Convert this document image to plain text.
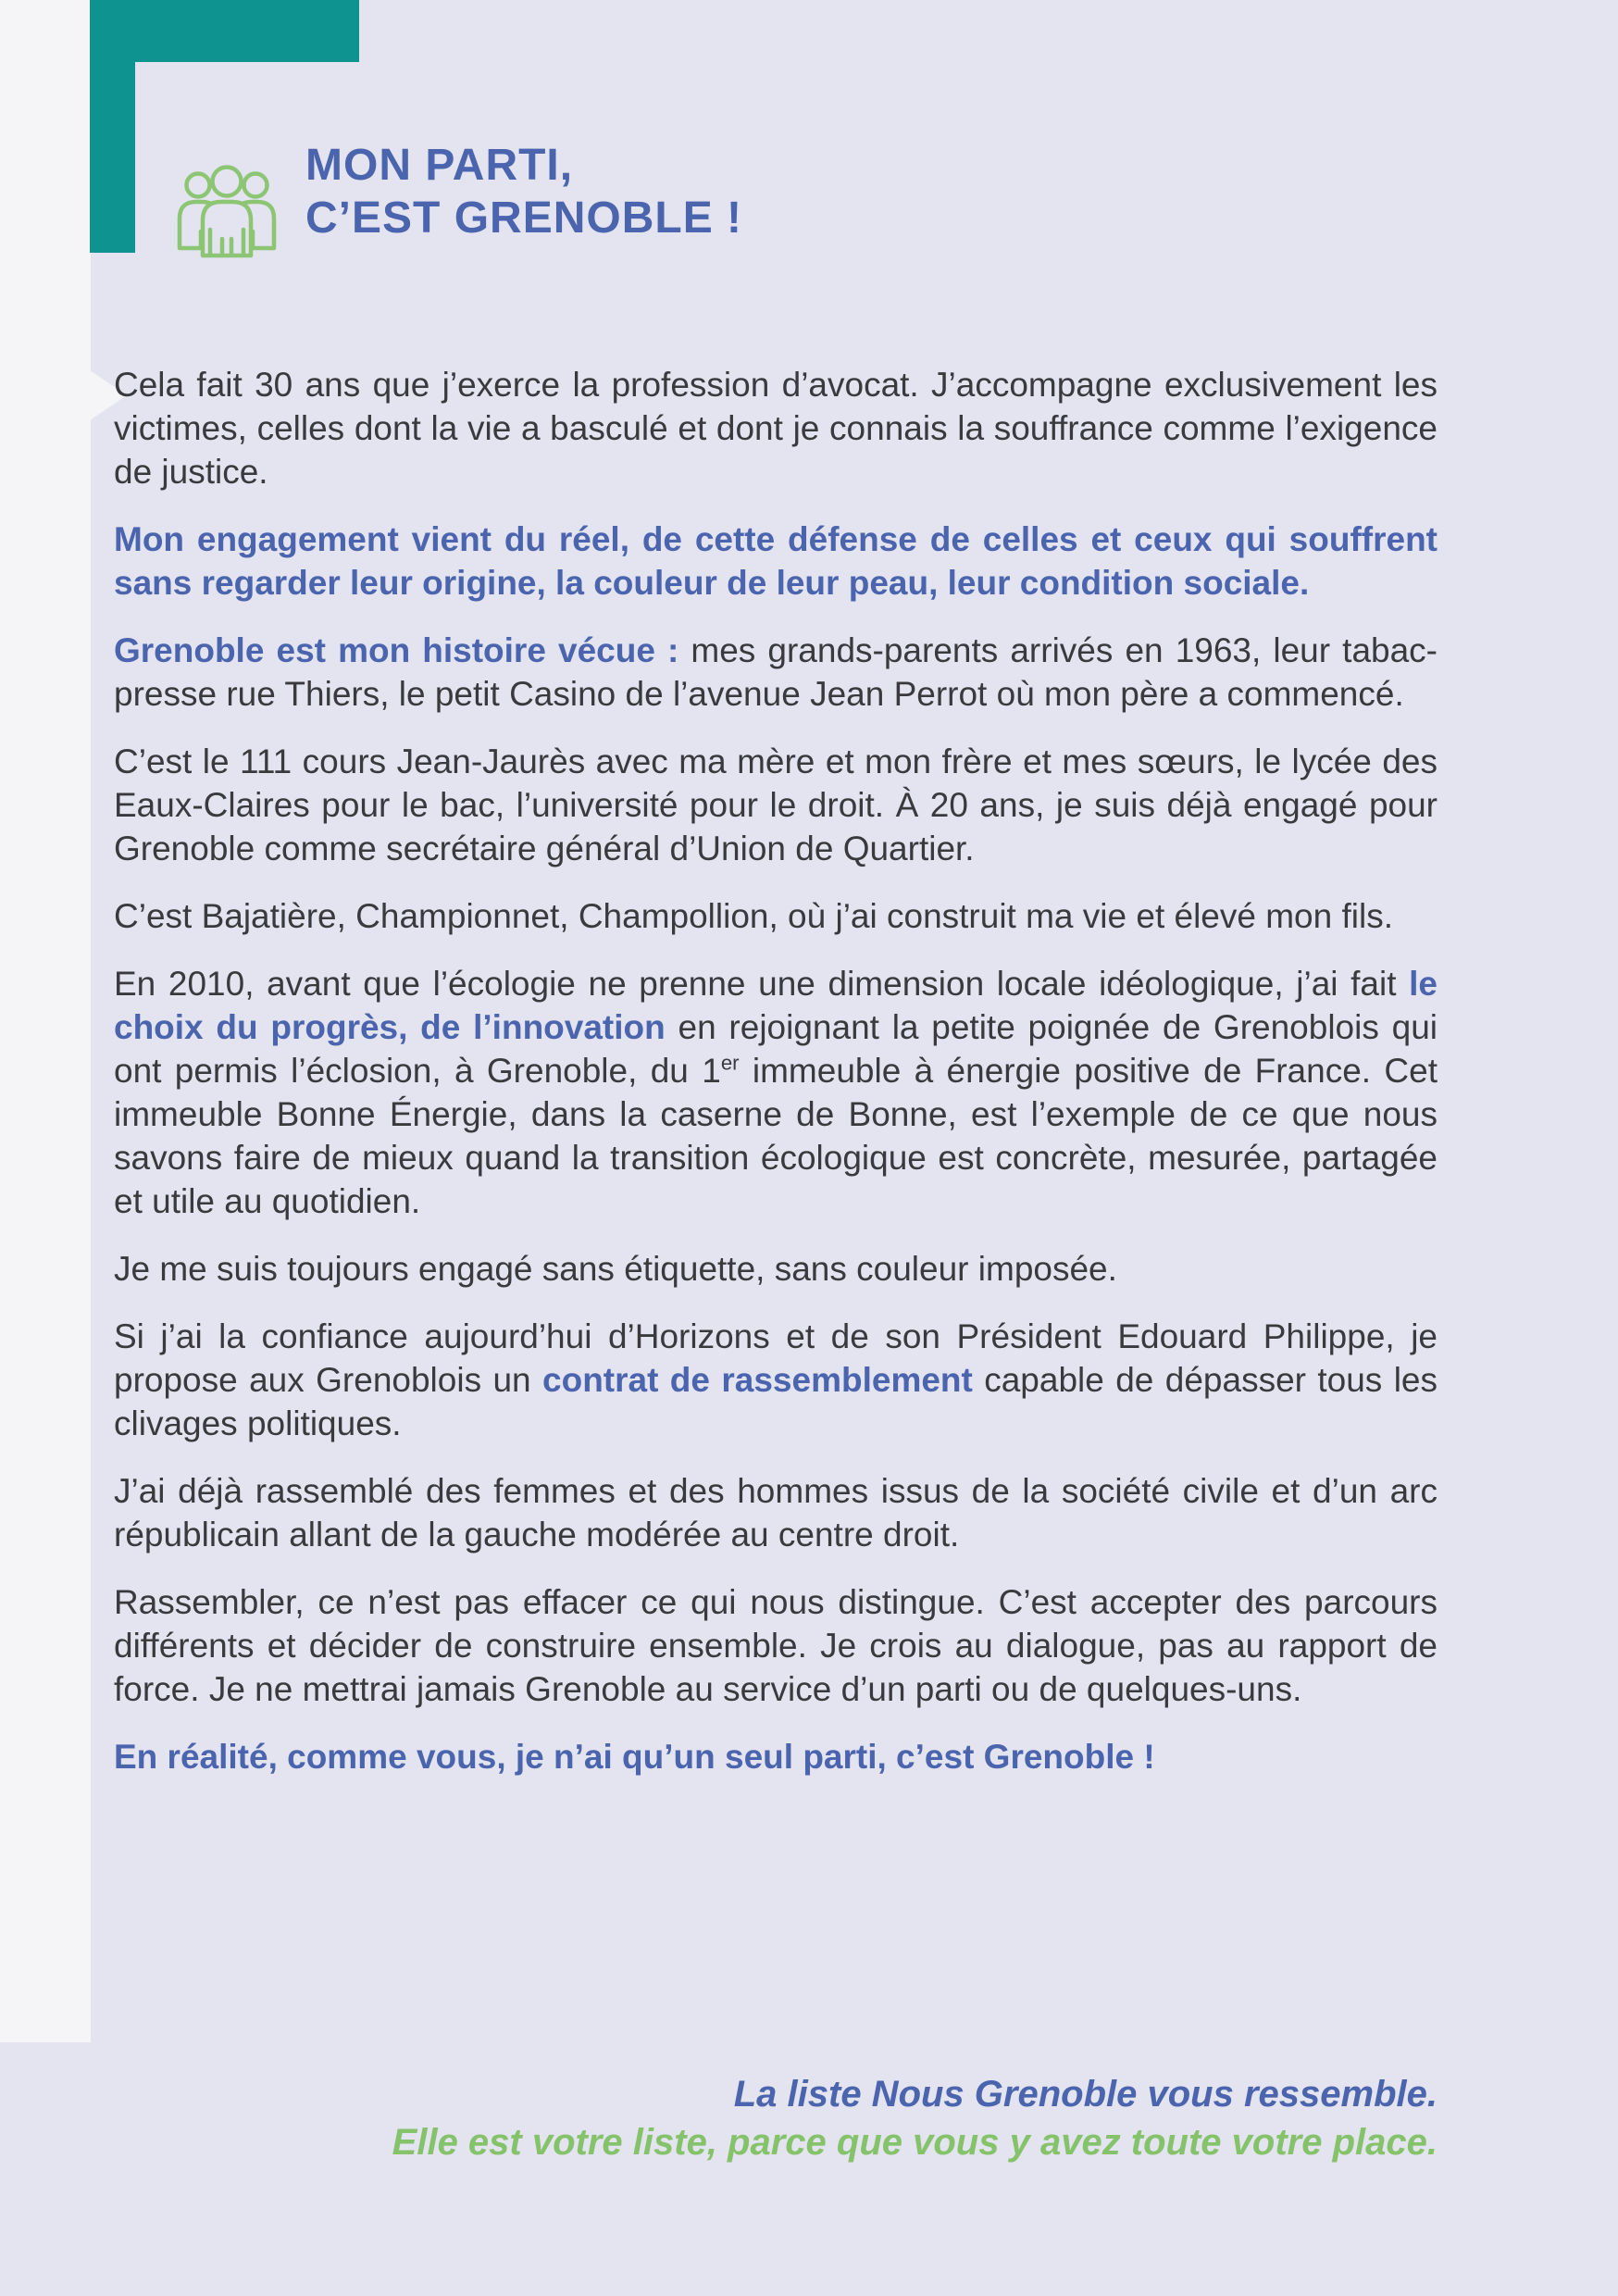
MON PARTI,
C’EST GRENOBLE !

Cela fait 30 ans que j’exerce la profession d’avocat. J’accompagne exclusivement les victimes, celles dont la vie a basculé et dont je connais la souffrance comme l’exigence de justice.

Mon engagement vient du réel, de cette défense de celles et ceux qui souffrent sans regarder leur origine, la couleur de leur peau, leur condition sociale.

Grenoble est mon histoire vécue : mes grands-parents arrivés en 1963, leur tabac-presse rue Thiers, le petit Casino de l’avenue Jean Perrot où mon père a commencé.

C’est le 111 cours Jean-Jaurès avec ma mère et mon frère et mes sœurs, le lycée des Eaux-Claires pour le bac, l’université pour le droit. À 20 ans, je suis déjà engagé pour Grenoble comme secrétaire général d’Union de Quartier.

C’est Bajatière, Championnet, Champollion, où j’ai construit ma vie et élevé mon fils.

En 2010, avant que l’écologie ne prenne une dimension locale idéologique, j’ai fait le choix du progrès, de l’innovation en rejoignant la petite poignée de Grenoblois qui ont permis l’éclosion, à Grenoble, du 1er immeuble à énergie positive de France. Cet immeuble Bonne Énergie, dans la caserne de Bonne, est l’exemple de ce que nous savons faire de mieux quand la transition écologique est concrète, mesurée, partagée et utile au quotidien.

Je me suis toujours engagé sans étiquette, sans couleur imposée.

Si j’ai la confiance aujourd’hui d’Horizons et de son Président Edouard Philippe, je propose aux Grenoblois un contrat de rassemblement capable de dépasser tous les clivages politiques.

J’ai déjà rassemblé des femmes et des hommes issus de la société civile et d’un arc républicain allant de la gauche modérée au centre droit.

Rassembler, ce n’est pas effacer ce qui nous distingue. C’est accepter des parcours différents et décider de construire ensemble. Je crois au dialogue, pas au rapport de force. Je ne mettrai jamais Grenoble au service d’un parti ou de quelques-uns.

En réalité, comme vous, je n’ai qu’un seul parti, c’est Grenoble !

La liste Nous Grenoble vous ressemble.
Elle est votre liste, parce que vous y avez toute votre place.
